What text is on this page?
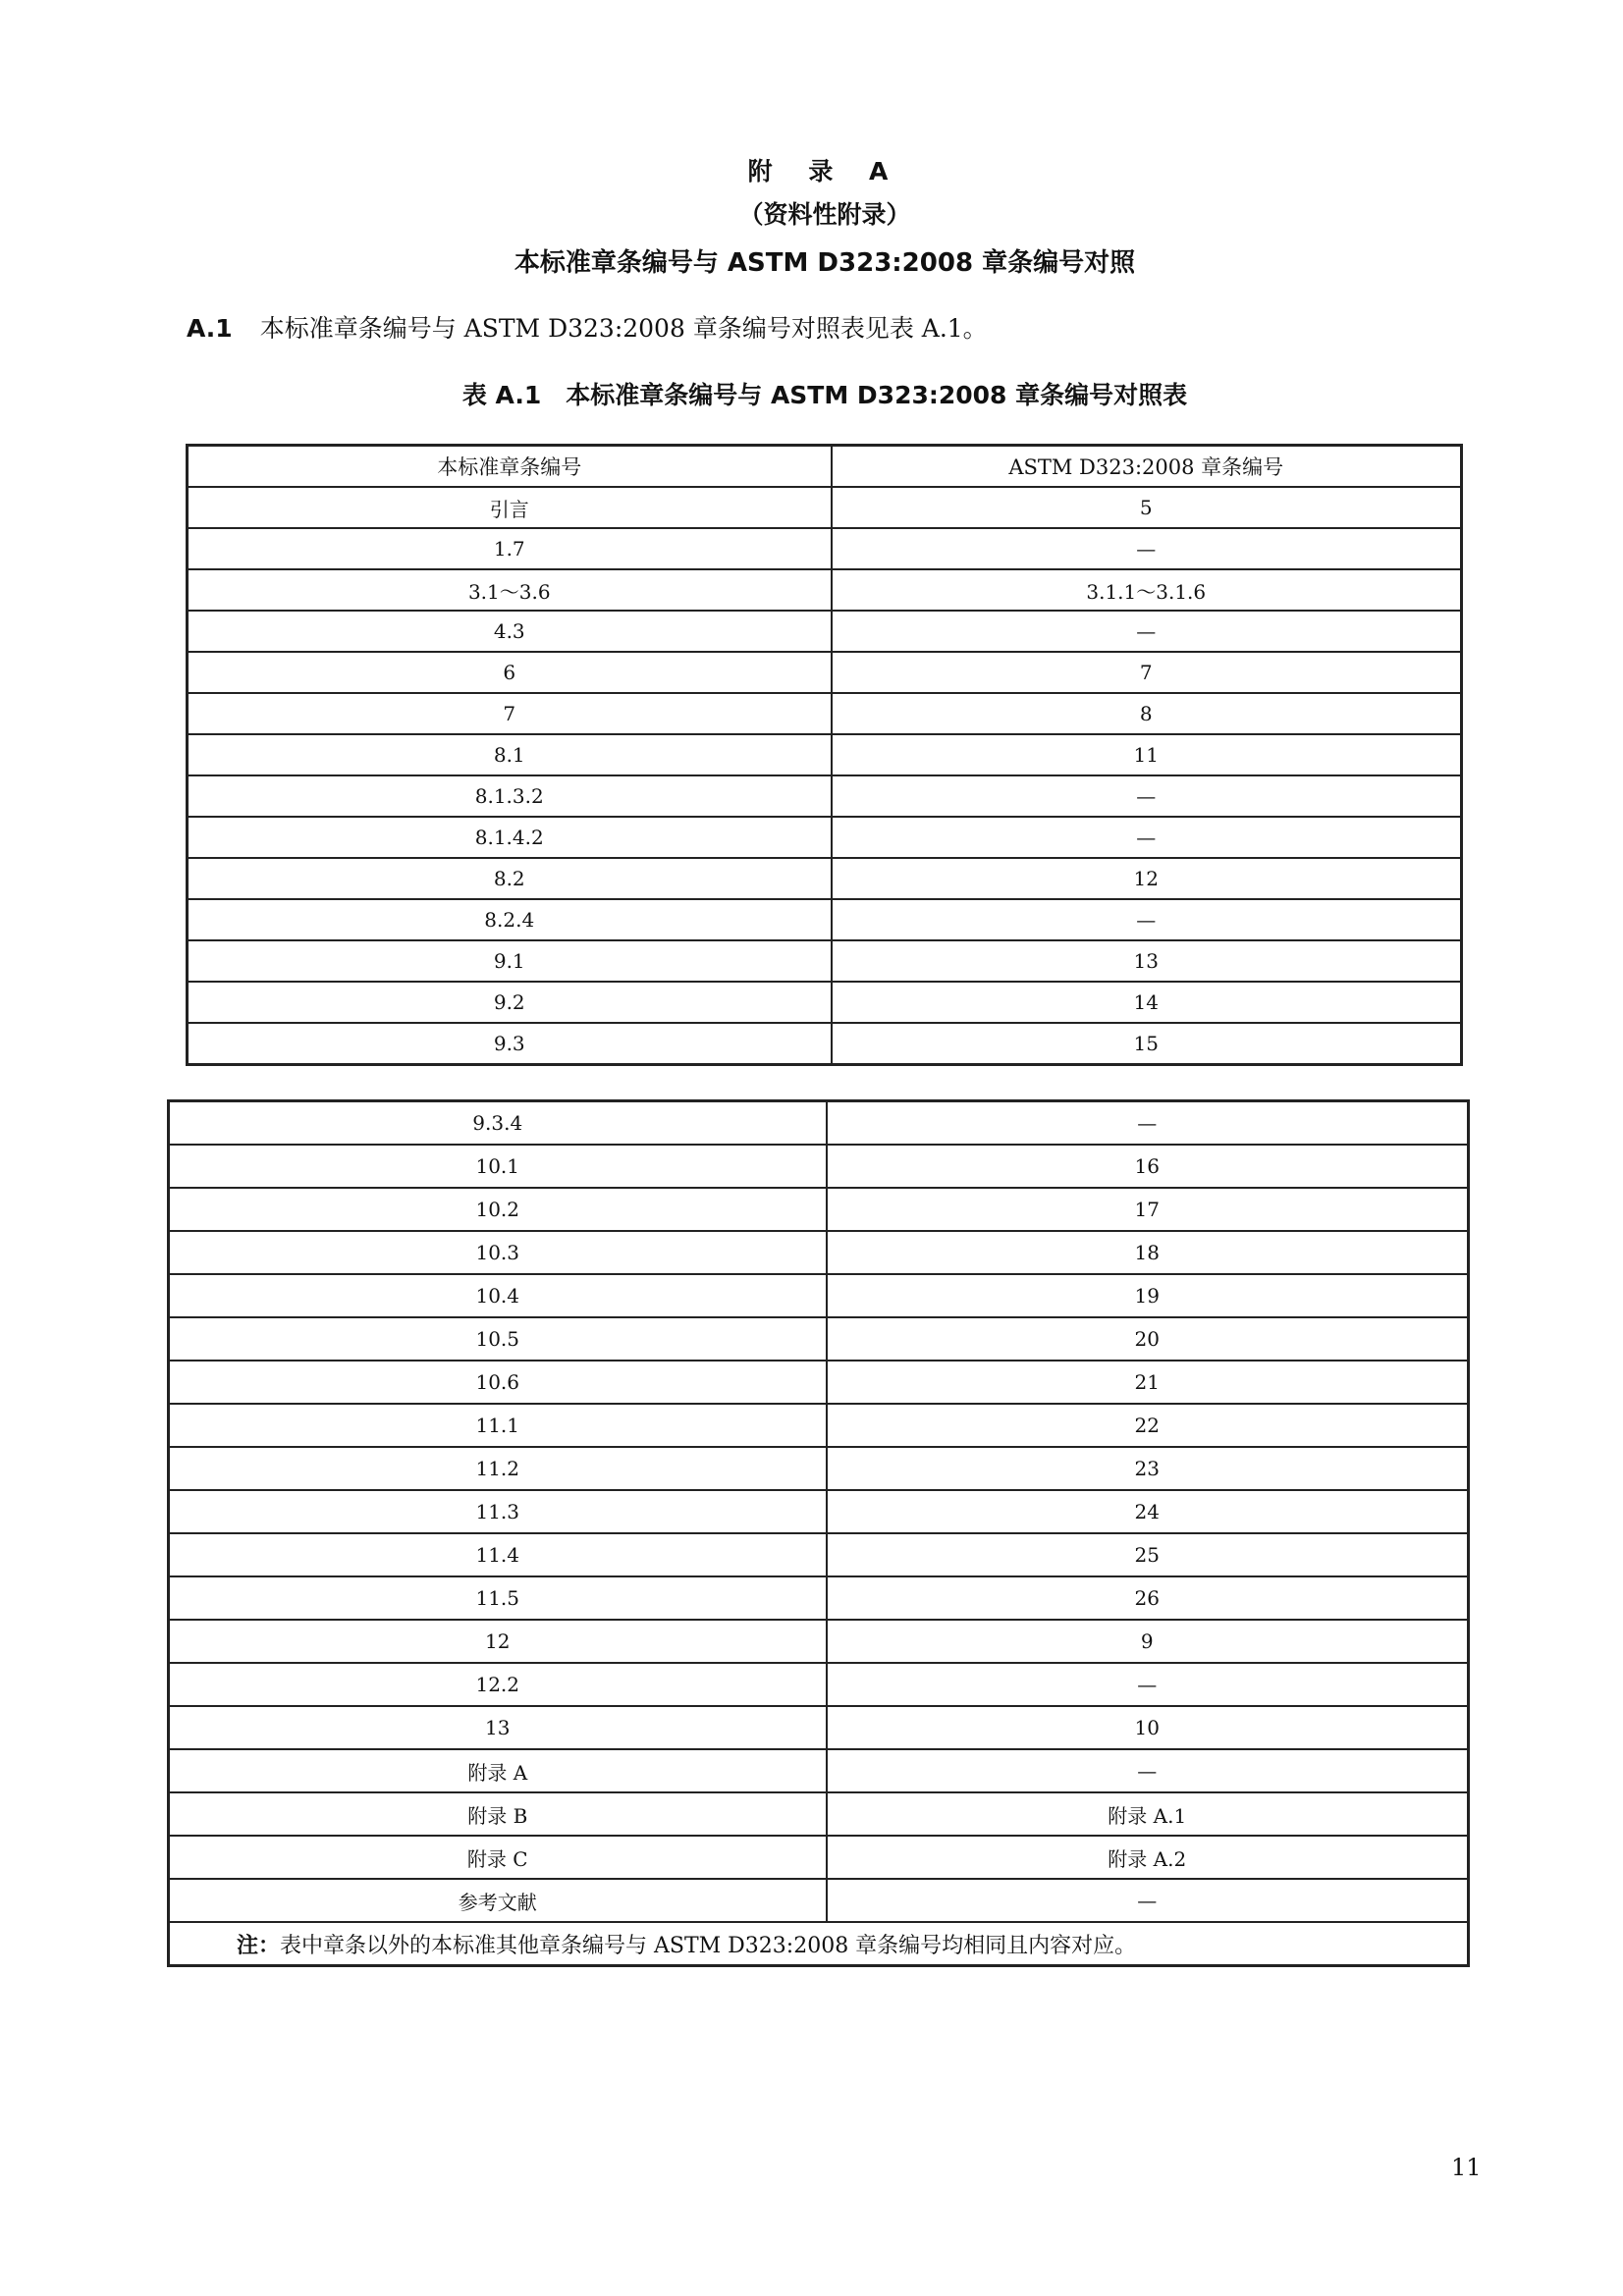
附 录 A
（资料性附录）
本标准章条编号与 ASTM D323:2008 章条编号对照
A.1 本标准章条编号与 ASTM D323:2008 章条编号对照表见表 A.1。
表 A.1　本标准章条编号与 ASTM D323:2008 章条编号对照表
本标准章条编号	ASTM D323:2008 章条编号
引言	5
1.7	—
3.1～3.6	3.1.1～3.1.6
4.3	—
6	7
7	8
8.1	11
8.1.3.2	—
8.1.4.2	—
8.2	12
8.2.4	—
9.1	13
9.2	14
9.3	15
9.3.4	—
10.1	16
10.2	17
10.3	18
10.4	19
10.5	20
10.6	21
11.1	22
11.2	23
11.3	24
11.4	25
11.5	26
12	9
12.2	—
13	10
附录 A	—
附录 B	附录 A.1
附录 C	附录 A.2
参考文献	—
注：表中章条以外的本标准其他章条编号与 ASTM D323:2008 章条编号均相同且内容对应。	
11
